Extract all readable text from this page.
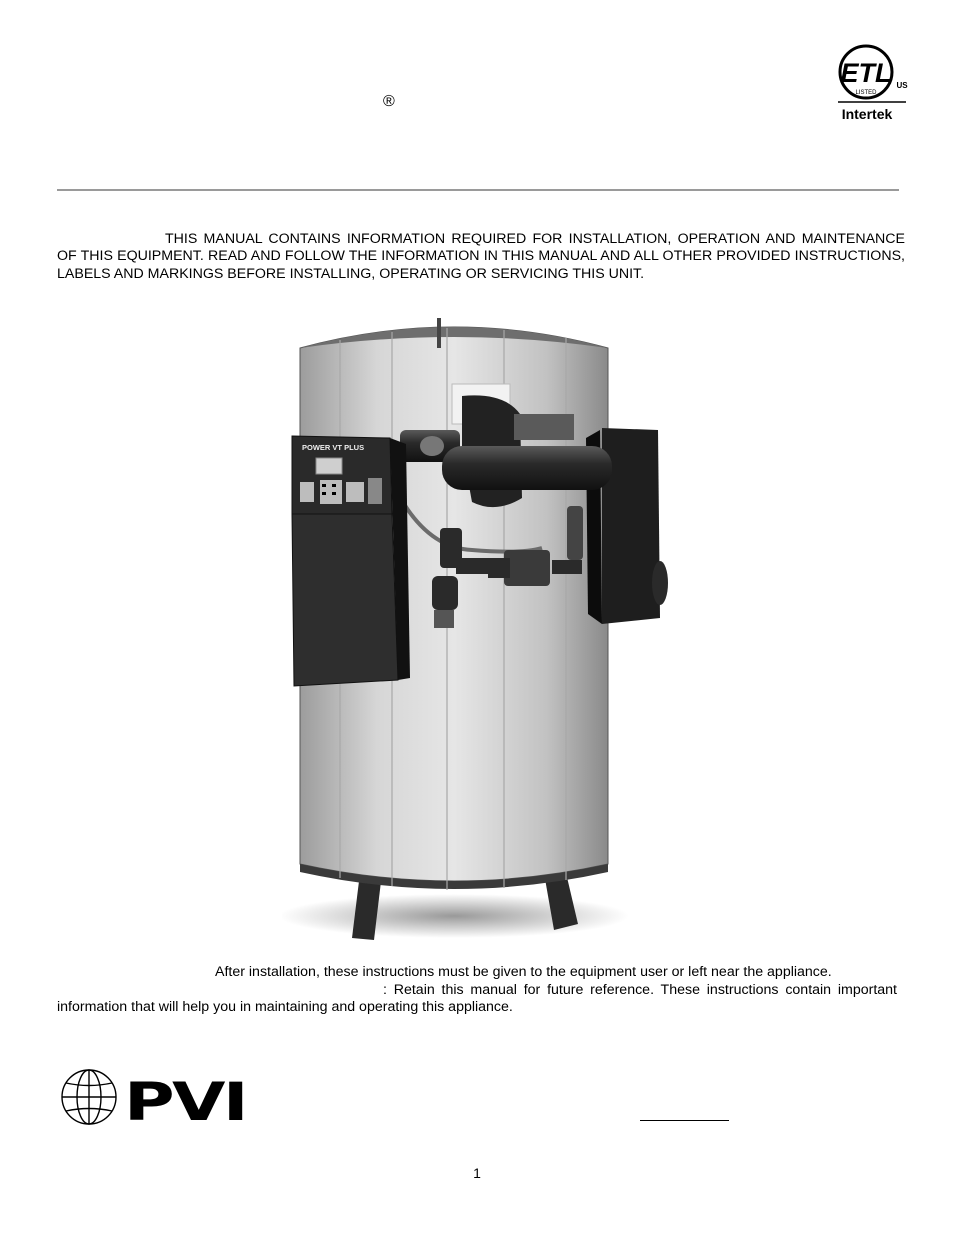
®
ETL
LISTED
US
Intertek
THIS MANUAL CONTAINS INFORMATION REQUIRED FOR INSTALLATION, OPERATION AND MAINTENANCE OF THIS EQUIPMENT. READ AND FOLLOW THE INFORMATION IN THIS MANUAL AND ALL OTHER PROVIDED INSTRUCTIONS, LABELS AND MARKINGS BEFORE INSTALLING, OPERATING OR SERVICING THIS UNIT.
POWER VT PLUS
PVI
After installation, these instructions must be given to the equipment user or left near the appliance.
: Retain this manual for future reference. These instructions contain important information that will help you in maintaining and operating this appliance.
1
